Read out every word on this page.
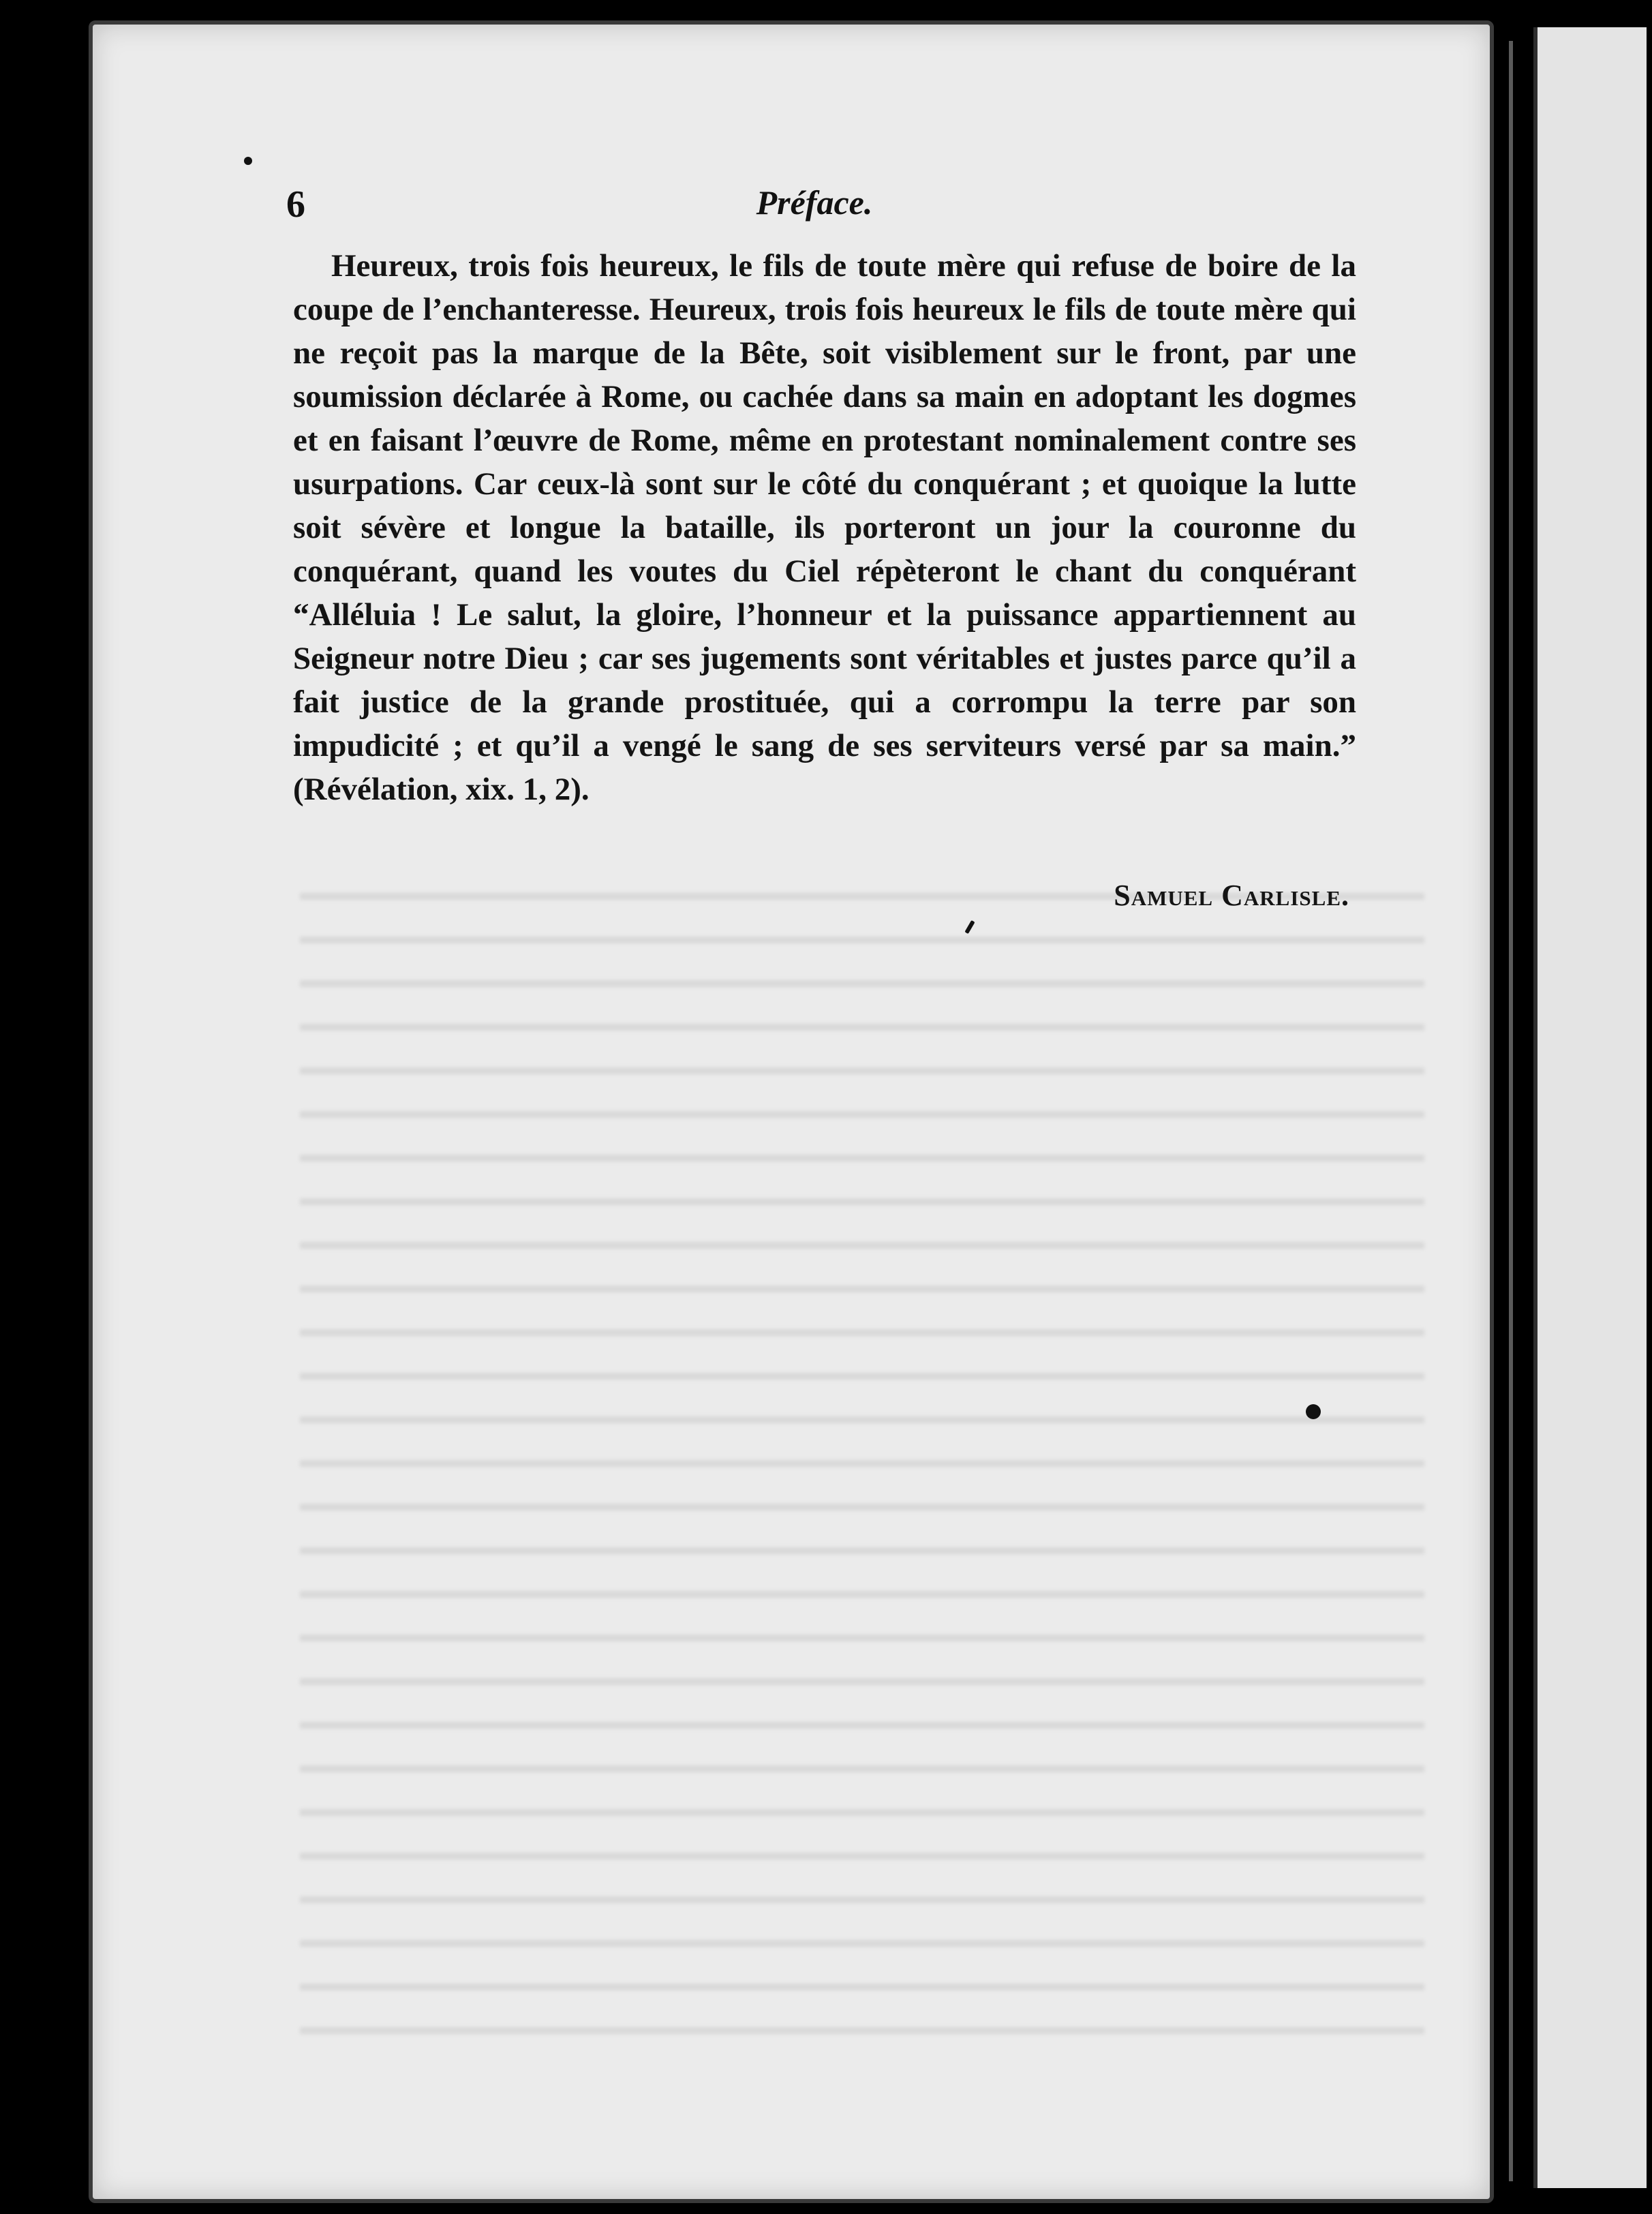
6	Préface.

Heureux, trois fois heureux, le fils de toute mère qui refuse de boire de la coupe de l’enchanteresse. Heureux, trois fois heureux le fils de toute mère qui ne reçoit pas la marque de la Bête, soit visiblement sur le front, par une soumission déclarée à Rome, ou cachée dans sa main en adoptant les dogmes et en faisant l’œuvre de Rome, même en protestant nominalement contre ses usurpations. Car ceux-là sont sur le côté du conquérant ; et quoique la lutte soit sévère et longue la bataille, ils porteront un jour la couronne du conquérant, quand les voutes du Ciel répèteront le chant du conquérant “Alléluia ! Le salut, la gloire, l’honneur et la puissance appartiennent au Seigneur notre Dieu ; car ses jugements sont véritables et justes parce qu’il a fait justice de la grande prostituée, qui a corrompu la terre par son impudicité ; et qu’il a vengé le sang de ses serviteurs versé par sa main.” (Révélation, xix. 1, 2).

Samuel Carlisle.
